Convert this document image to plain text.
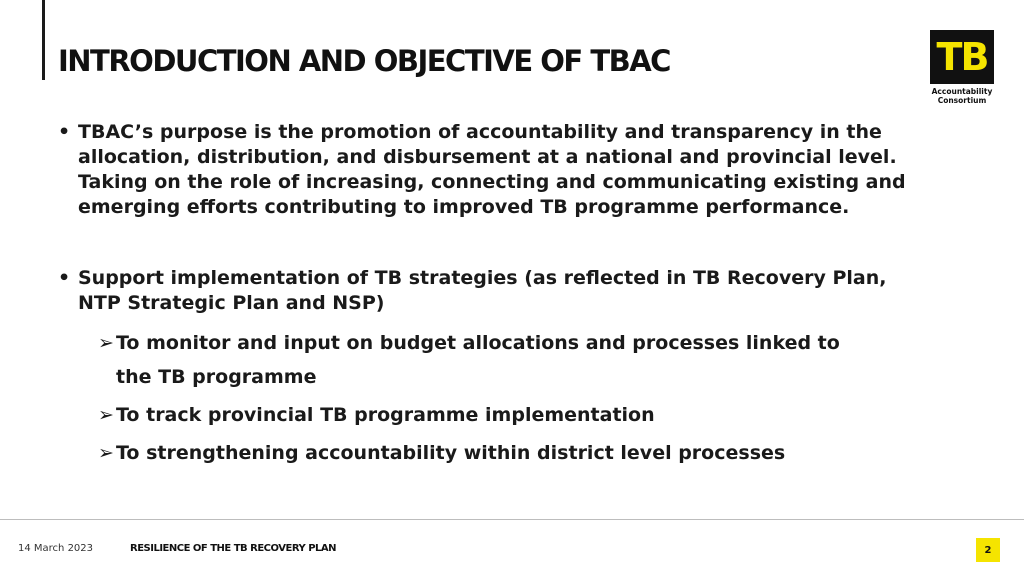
INTRODUCTION AND OBJECTIVE OF TBAC	TB
Accountability
Consortium
• TBAC’s purpose is the promotion of accountability and transparency in the allocation, distribution, and disbursement at a national and provincial level. Taking on the role of increasing, connecting and communicating existing and emerging efforts contributing to improved TB programme performance.
• Support implementation of TB strategies (as reflected in TB Recovery Plan, NTP Strategic Plan and NSP)
➢ To monitor and input on budget allocations and processes linked to the TB programme
➢ To track provincial TB programme implementation
➢ To strengthening accountability within district level processes
14 March 2023	RESILIENCE OF THE TB RECOVERY PLAN	2
